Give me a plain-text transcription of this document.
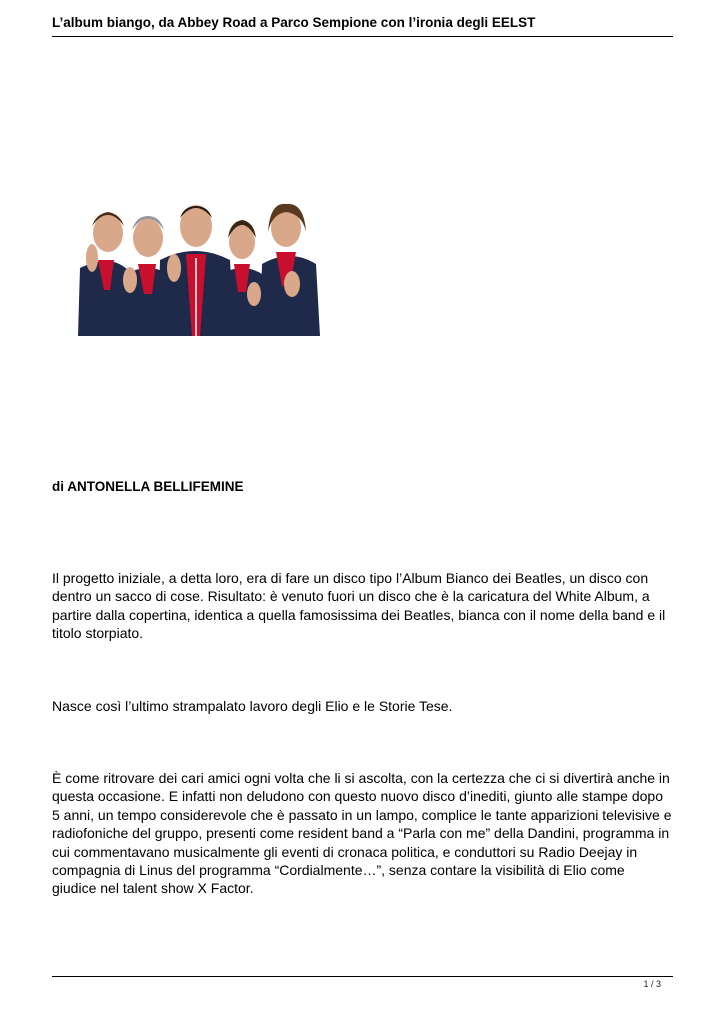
L’album biango, da Abbey Road a Parco Sempione con l’ironia degli EELST
di ANTONELLA BELLIFEMINE

Il progetto iniziale, a detta loro, era di fare un disco tipo l’Album Bianco dei Beatles, un disco con dentro un sacco di cose. Risultato: è venuto fuori un disco che è la caricatura del White Album, a partire dalla copertina, identica a quella famosissima dei Beatles, bianca con il nome della band e il titolo storpiato.

Nasce così l’ultimo strampalato lavoro degli Elio e le Storie Tese.

È come ritrovare dei cari amici ogni volta che li si ascolta, con la certezza che ci si divertirà anche in questa occasione. E infatti non deludono con questo nuovo disco d’inediti, giunto alle stampe dopo 5 anni, un tempo considerevole che è passato in un lampo, complice le tante apparizioni televisive e radiofoniche del gruppo, presenti come resident band a “Parla con me” della Dandini, programma in cui commentavano musicalmente gli eventi di cronaca politica, e conduttori su Radio Deejay in compagnia di Linus del programma “Cordialmente…”, senza contare la visibilità di Elio come giudice nel talent show X Factor.

1 / 3
